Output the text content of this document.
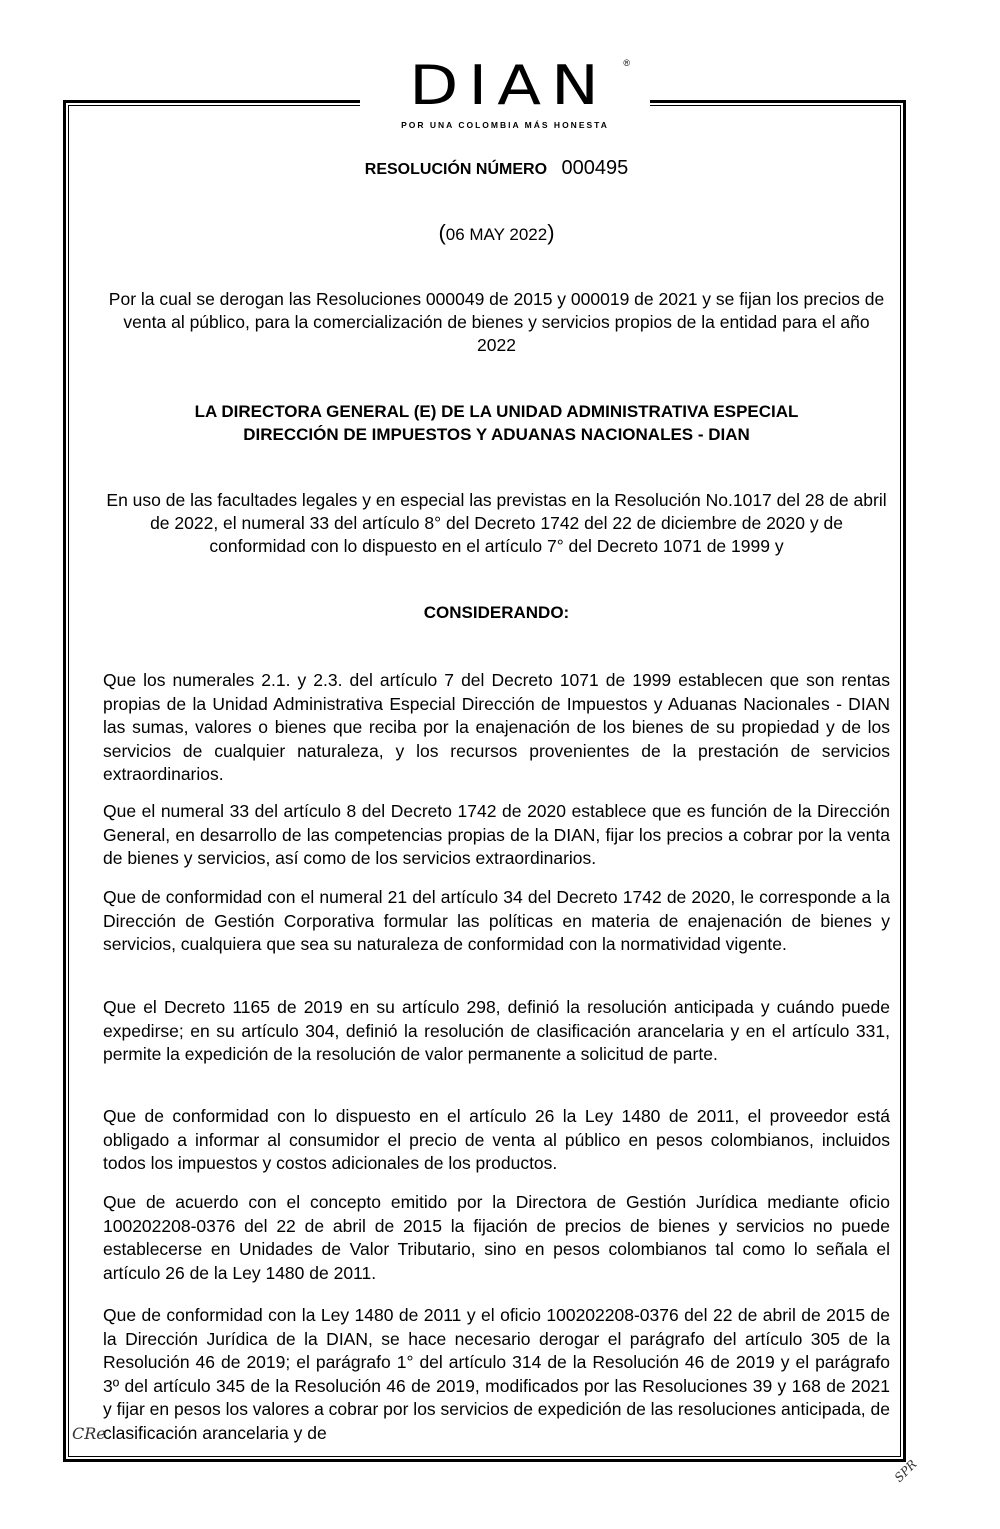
DIAN	®
POR UNA COLOMBIA MÁS HONESTA
RESOLUCIÓN NÚMERO 000495
(06 MAY 2022)
Por la cual se derogan las Resoluciones 000049 de 2015 y 000019 de 2021 y se fijan los precios de venta al público, para la comercialización de bienes y servicios propios de la entidad para el año 2022
LA DIRECTORA GENERAL (E) DE LA UNIDAD ADMINISTRATIVA ESPECIAL
DIRECCIÓN DE IMPUESTOS Y ADUANAS NACIONALES - DIAN
En uso de las facultades legales y en especial las previstas en la Resolución No.1017 del 28 de abril de 2022, el numeral 33 del artículo 8° del Decreto 1742 del 22 de diciembre de 2020 y de conformidad con lo dispuesto en el artículo 7° del Decreto 1071 de 1999 y
CONSIDERANDO:

Que los numerales 2.1. y 2.3. del artículo 7 del Decreto 1071 de 1999 establecen que son rentas propias de la Unidad Administrativa Especial Dirección de Impuestos y Aduanas Nacionales - DIAN las sumas, valores o bienes que reciba por la enajenación de los bienes de su propiedad y de los servicios de cualquier naturaleza, y los recursos provenientes de la prestación de servicios extraordinarios.

Que el numeral 33 del artículo 8 del Decreto 1742 de 2020 establece que es función de la Dirección General, en desarrollo de las competencias propias de la DIAN, fijar los precios a cobrar por la venta de bienes y servicios, así como de los servicios extraordinarios.

Que de conformidad con el numeral 21 del artículo 34 del Decreto 1742 de 2020, le corresponde a la Dirección de Gestión Corporativa formular las políticas en materia de enajenación de bienes y servicios, cualquiera que sea su naturaleza de conformidad con la normatividad vigente.

Que el Decreto 1165 de 2019 en su artículo 298, definió la resolución anticipada y cuándo puede expedirse; en su artículo 304, definió la resolución de clasificación arancelaria y en el artículo 331, permite la expedición de la resolución de valor permanente a solicitud de parte.

Que de conformidad con lo dispuesto en el artículo 26 la Ley 1480 de 2011, el proveedor está obligado a informar al consumidor el precio de venta al público en pesos colombianos, incluidos todos los impuestos y costos adicionales de los productos.

Que de acuerdo con el concepto emitido por la Directora de Gestión Jurídica mediante oficio 100202208-0376 del 22 de abril de 2015 la fijación de precios de bienes y servicios no puede establecerse en Unidades de Valor Tributario, sino en pesos colombianos tal como lo señala el artículo 26 de la Ley 1480 de 2011.

Que de conformidad con la Ley 1480 de 2011 y el oficio 100202208-0376 del 22 de abril de 2015 de la Dirección Jurídica de la DIAN, se hace necesario derogar el parágrafo del artículo 305 de la Resolución 46 de 2019; el parágrafo 1° del artículo 314 de la Resolución 46 de 2019 y el parágrafo 3º del artículo 345 de la Resolución 46 de 2019, modificados por las Resoluciones 39 y 168 de 2021 y fijar en pesos los valores a cobrar por los servicios de expedición de las resoluciones anticipada, de clasificación arancelaria y de

CRe
SPR
